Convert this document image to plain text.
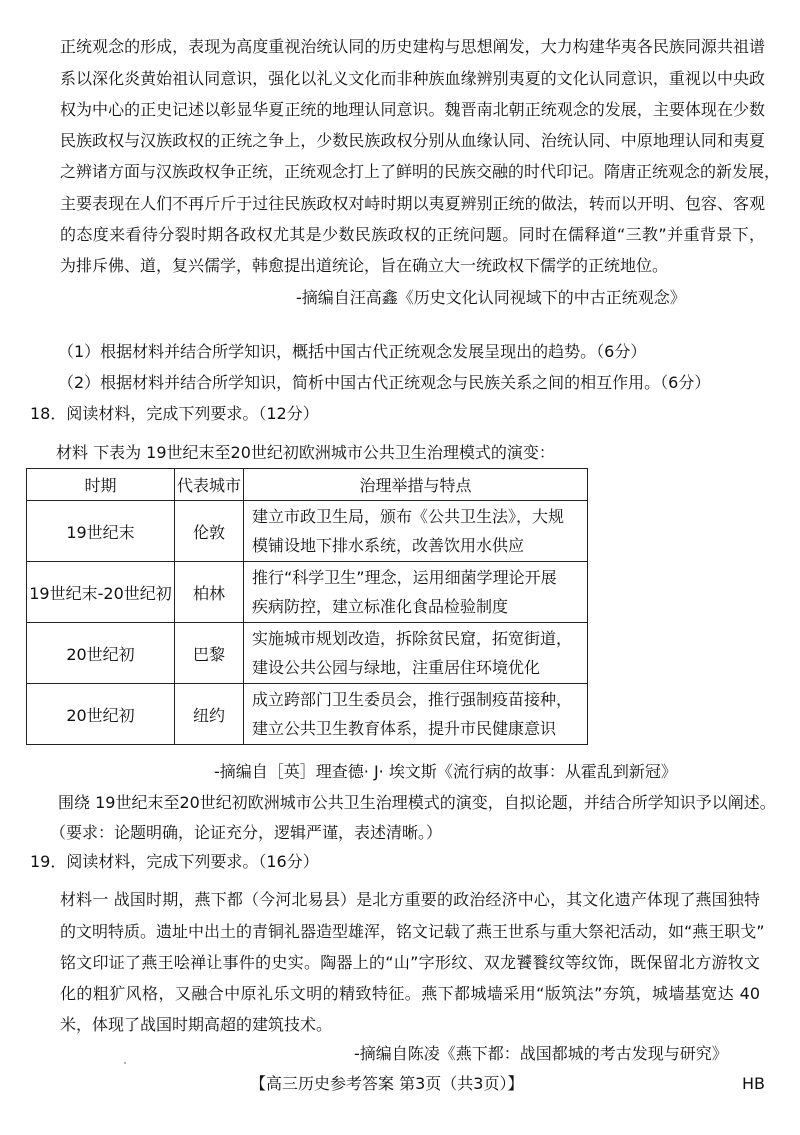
正统观念的形成，表现为高度重视治统认同的历史建构与思想阐发，大力构建华夷各民族同源共祖谱
系以深化炎黄始祖认同意识，强化以礼义文化而非种族血缘辨别夷夏的文化认同意识，重视以中央政
权为中心的正史记述以彰显华夏正统的地理认同意识。魏晋南北朝正统观念的发展，主要体现在少数
民族政权与汉族政权的正统之争上，少数民族政权分别从血缘认同、治统认同、中原地理认同和夷夏
之辨诸方面与汉族政权争正统，正统观念打上了鲜明的民族交融的时代印记。隋唐正统观念的新发展，
主要表现在人们不再斤斤于过往民族政权对峙时期以夷夏辨别正统的做法，转而以开明、包容、客观
的态度来看待分裂时期各政权尤其是少数民族政权的正统问题。同时在儒释道“三教”并重背景下，
为排斥佛、道，复兴儒学，韩愈提出道统论，旨在确立大一统政权下儒学的正统地位。
-摘编自汪高鑫《历史文化认同视域下的中古正统观念》
（1）根据材料并结合所学知识，概括中国古代正统观念发展呈现出的趋势。（6分）
（2）根据材料并结合所学知识，简析中国古代正统观念与民族关系之间的相互作用。（6分）
18．阅读材料，完成下列要求。（12分）
材料 下表为 19世纪末至20世纪初欧洲城市公共卫生治理模式的演变：
时期	代表城市	治理举措与特点
19世纪末	伦敦	建立市政卫生局，颁布《公共卫生法》，大规
模铺设地下排水系统，改善饮用水供应

19世纪末-20世纪初	柏林	推行“科学卫生”理念，运用细菌学理论开展
疾病防控，建立标准化食品检验制度

20世纪初	巴黎	实施城市规划改造，拆除贫民窟，拓宽街道，
建设公共公园与绿地，注重居住环境优化

20世纪初	纽约	成立跨部门卫生委员会，推行强制疫苗接种，
建立公共卫生教育体系，提升市民健康意识
-摘编自［英］理查德· J· 埃文斯《流行病的故事：从霍乱到新冠》
围绕 19世纪末至20世纪初欧洲城市公共卫生治理模式的演变，自拟论题，并结合所学知识予以阐述。
（要求：论题明确，论证充分，逻辑严谨，表述清晰。）
19．阅读材料，完成下列要求。（16分）
材料一 战国时期，燕下都（今河北易县）是北方重要的政治经济中心，其文化遗产体现了燕国独特
的文明特质。遗址中出土的青铜礼器造型雄浑，铭文记载了燕王世系与重大祭祀活动，如“燕王职戈”
铭文印证了燕王哙禅让事件的史实。陶器上的“山”字形纹、双龙饕餮纹等纹饰，既保留北方游牧文
化的粗犷风格，又融合中原礼乐文明的精致特征。燕下都城墙采用“版筑法”夯筑，城墙基宽达 40
米，体现了战国时期高超的建筑技术。
-摘编自陈凌《燕下都：战国都城的考古发现与研究》
【高三历史参考答案 第3页（共3页）】	HB
